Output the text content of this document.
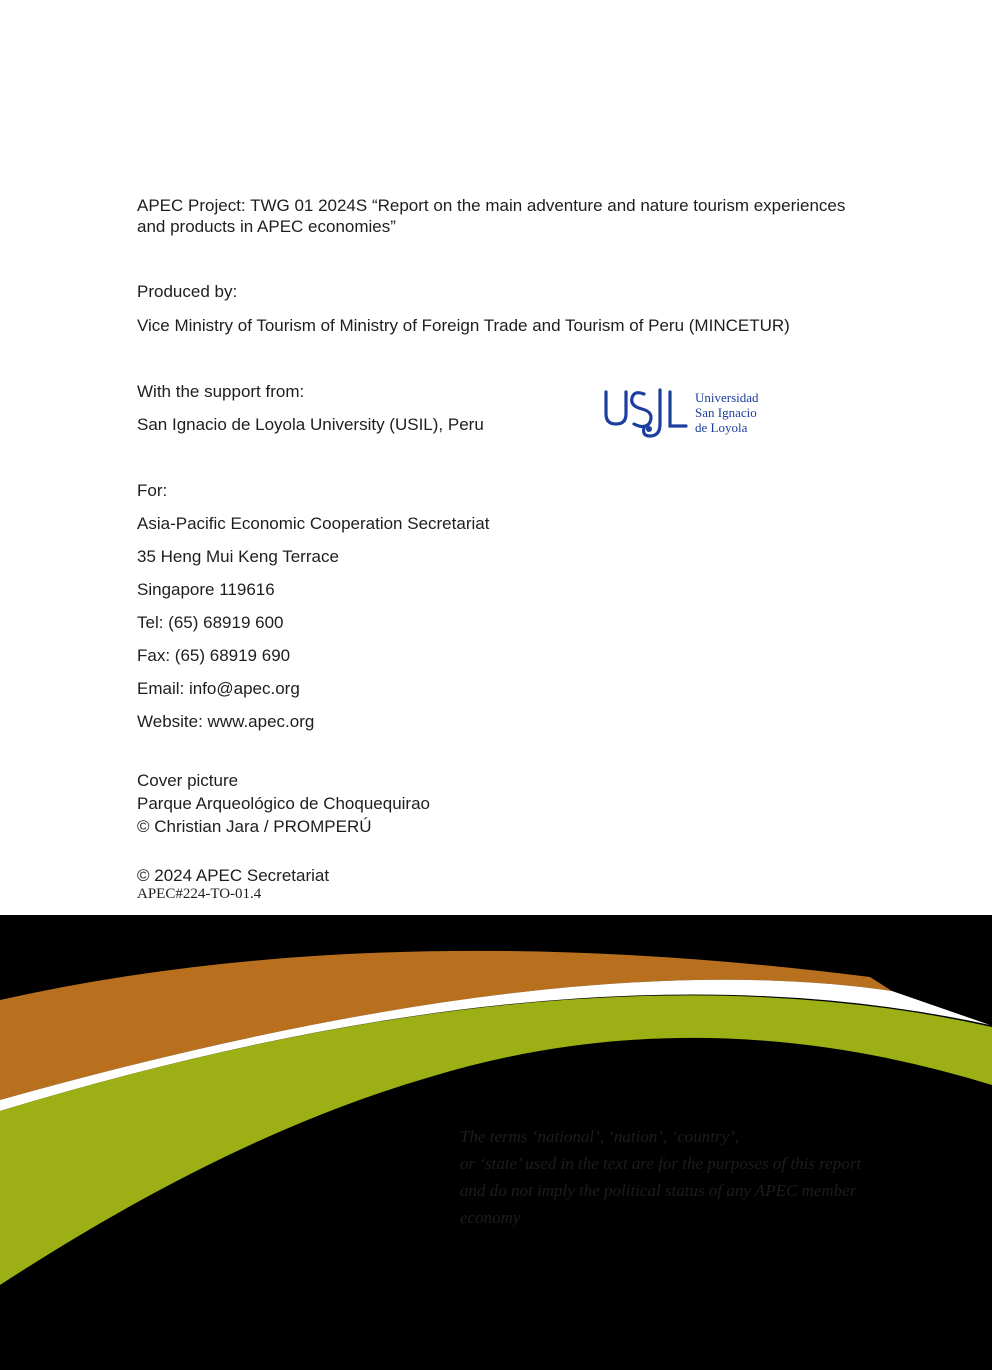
APEC Project: TWG 01 2024S “Report on the main adventure and nature tourism experiences and products in APEC economies”
Produced by:
Vice Ministry of Tourism of Ministry of Foreign Trade and Tourism of Peru (MINCETUR)
With the support from:
San Ignacio de Loyola University (USIL), Peru
Universidad
San Ignacio
de Loyola
For:
Asia-Pacific Economic Cooperation Secretariat
35 Heng Mui Keng Terrace
Singapore 119616
Tel: (65) 68919 600
Fax: (65) 68919 690
Email: info@apec.org
Website: www.apec.org
Cover picture
Parque Arqueológico de Choquequirao
© Christian Jara / PROMPERÚ
© 2024 APEC Secretariat
APEC#224-TO-01.4
The terms ‘national’, ‘nation’, ‘country’,
or ‘state’ used in the text are for the purposes of this report
and do not imply the political status of any APEC member
economy
